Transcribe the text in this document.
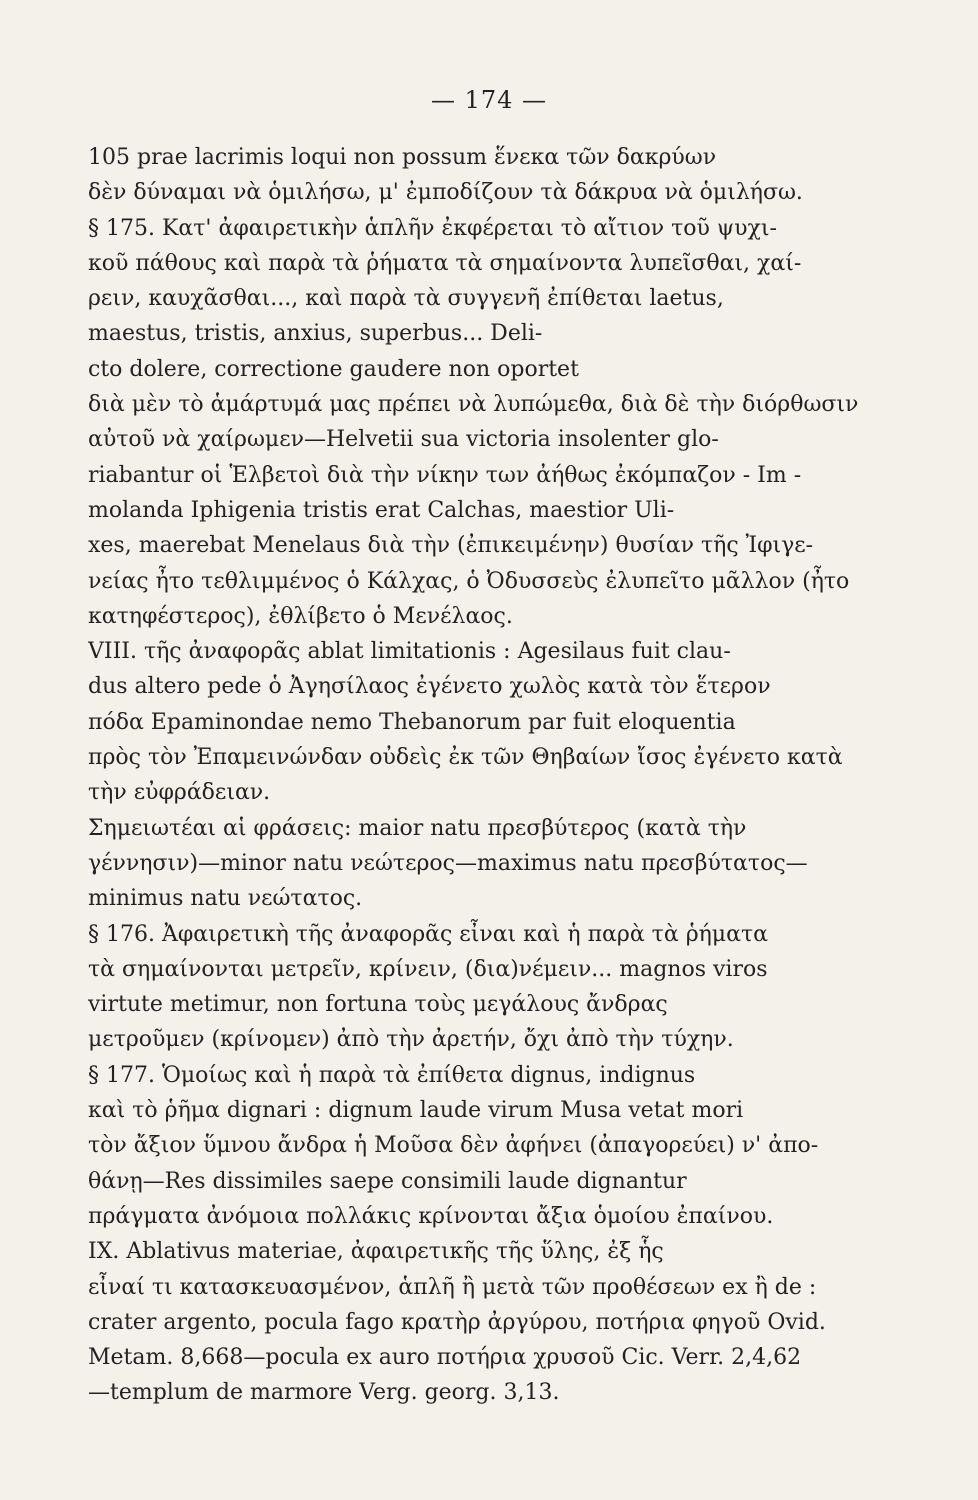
— 174 —
105 prae lacrimis loqui non possum ἕνεκα τῶν δακρύων
δὲν δύναμαι νὰ ὁμιλήσω, μ' ἐμποδίζουν τὰ δάκρυα νὰ ὁμιλήσω.
§ 175. Κατ' ἀφαιρετικὴν ἁπλῆν ἐκφέρεται τὸ αἴτιον τοῦ ψυχι-
κοῦ πάθους καὶ παρὰ τὰ ῥήματα τὰ σημαίνοντα λυπεῖσθαι, χαί-
ρειν, καυχᾶσθαι..., καὶ παρὰ τὰ συγγενῆ ἐπίθεται laetus,
maestus, tristis, anxius, superbus... Deli-
cto dolere, correctione gaudere non oportet
διὰ μὲν τὸ ἁμάρτυμά μας πρέπει νὰ λυπώμεθα, διὰ δὲ τὴν διόρθωσιν
αὐτοῦ νὰ χαίρωμεν—Helvetii sua victoria insolenter glo-
riabantur οἱ Ἑλβετοὶ διὰ τὴν νίκην των ἀήθως ἐκόμπαζον - Im -
molanda Iphigenia tristis erat Calchas, maestior Uli-
xes, maerebat Menelaus διὰ τὴν (ἐπικειμένην) θυσίαν τῆς Ἰφιγε-
νείας ἦτο τεθλιμμένος ὁ Κάλχας, ὁ Ὀδυσσεὺς ἐλυπεῖτο μᾶλλον (ἦτο
κατηφέστερος), ἐθλίβετο ὁ Μενέλαος.
VIII. τῆς ἀναφορᾶς ablat limitationis : Agesilaus fuit clau-
dus altero pede ὁ Ἀγησίλαος ἐγένετο χωλὸς κατὰ τὸν ἕτερον
πόδα Epaminondae nemo Thebanorum par fuit eloquentia
πρὸς τὸν Ἐπαμεινώνδαν οὐδεὶς ἐκ τῶν Θηβαίων ἴσος ἐγένετο κατὰ
τὴν εὐφράδειαν.
Σημειωτέαι αἱ φράσεις: maior natu πρεσβύτερος (κατὰ τὴν
γέννησιν)—minor natu νεώτερος—maximus natu πρεσβύτατος—
minimus natu νεώτατος.
§ 176. Ἀφαιρετικὴ τῆς ἀναφορᾶς εἶναι καὶ ἡ παρὰ τὰ ῥήματα
τὰ σημαίνονται μετρεῖν, κρίνειν, (δια)νέμειν... magnos viros
virtute metimur, non fortuna τοὺς μεγάλους ἄνδρας
μετροῦμεν (κρίνομεν) ἀπὸ τὴν ἀρετήν, ὄχι ἀπὸ τὴν τύχην.
§ 177. Ὁμοίως καὶ ἡ παρὰ τὰ ἐπίθετα dignus, indignus
καὶ τὸ ῥῆμα dignari : dignum laude virum Musa vetat mori
τὸν ἄξιον ὕμνου ἄνδρα ἡ Μοῦσα δὲν ἀφήνει (ἀπαγορεύει) ν' ἀπο-
θάνῃ—Res dissimiles saepe consimili laude dignantur
πράγματα ἀνόμοια πολλάκις κρίνονται ἄξια ὁμοίου ἐπαίνου.
IX. Ablativus materiae, ἀφαιρετικῆς τῆς ὕλης, ἐξ ἧς
εἶναί τι κατασκευασμένον, ἁπλῆ ἢ μετὰ τῶν προθέσεων ex ἢ de :
crater argento, pocula fago κρατὴρ ἀργύρου, ποτήρια φηγοῦ Ovid.
Metam. 8,668—pocula ex auro ποτήρια χρυσοῦ Cic. Verr. 2,4,62
—templum de marmore Verg. georg. 3,13.
